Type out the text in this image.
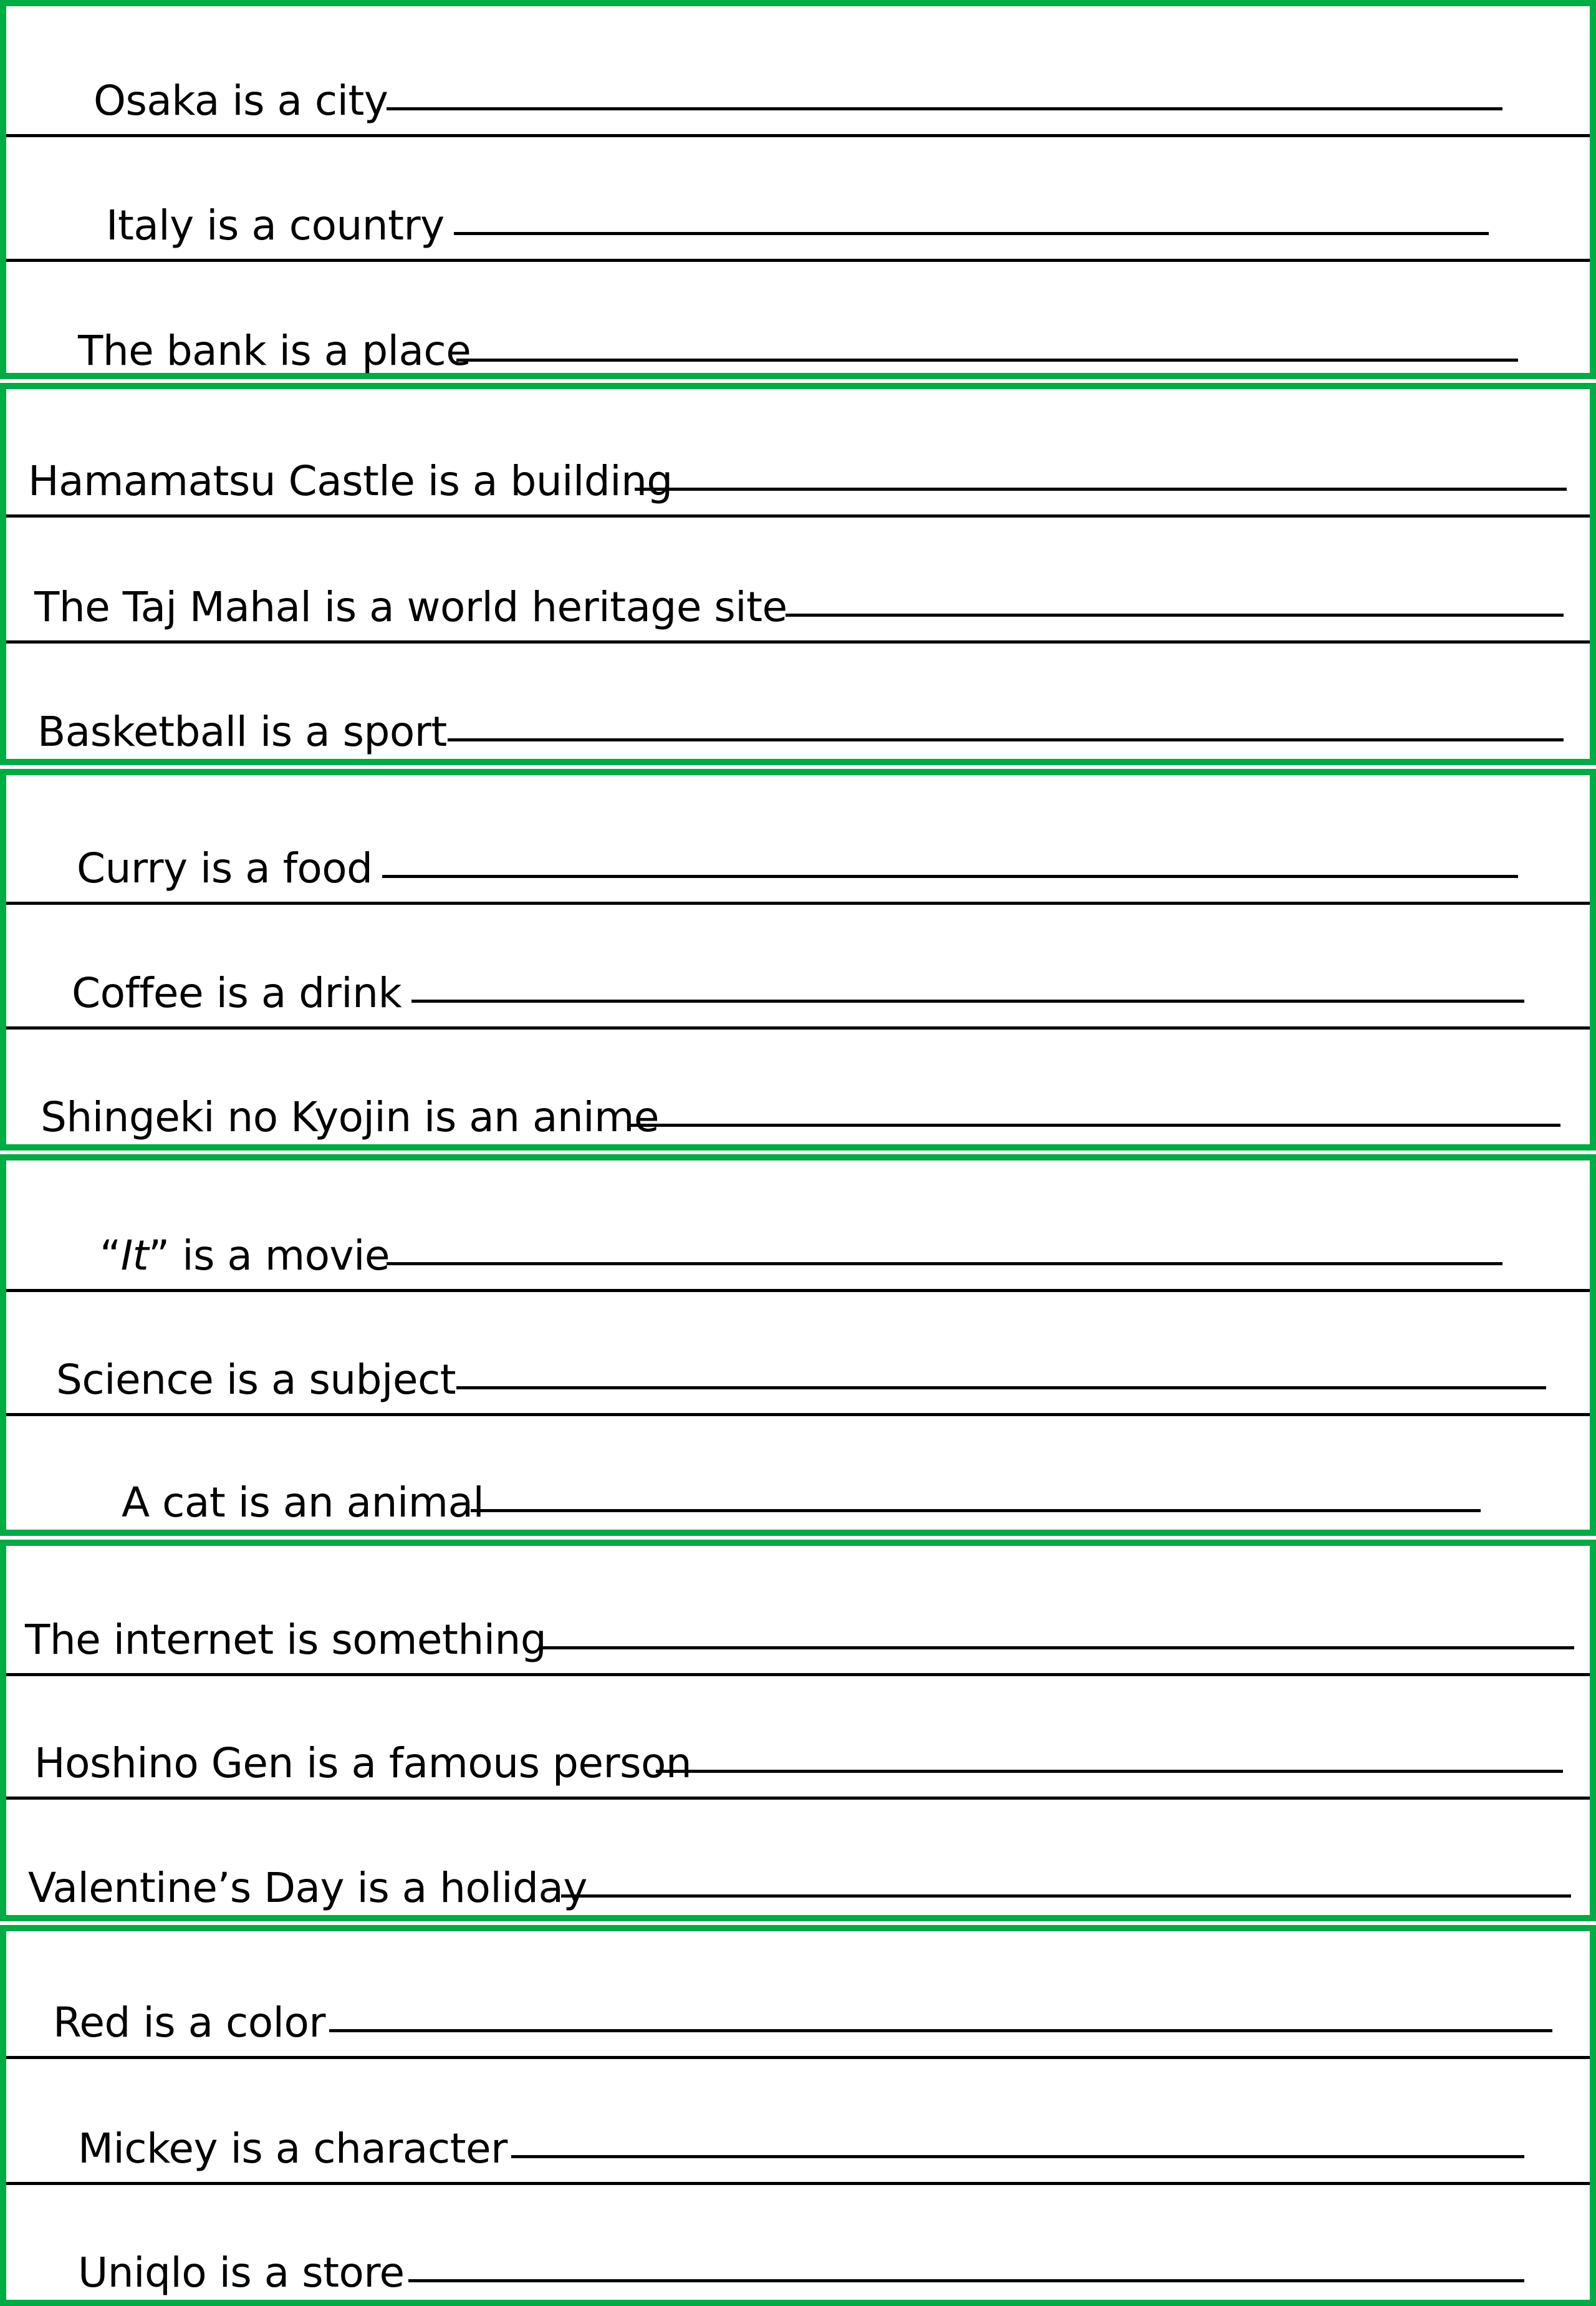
Osaka is a city
Italy is a country
The bank is a place
Hamamatsu Castle is a building
The Taj Mahal is a world heritage site
Basketball is a sport
Curry is a food
Coffee is a drink
Shingeki no Kyojin is an anime
“It” is a movie
Science is a subject
A cat is an animal
The internet is something
Hoshino Gen is a famous person
Valentine’s Day is a holiday
Red is a color
Mickey is a character
Uniqlo is a store
